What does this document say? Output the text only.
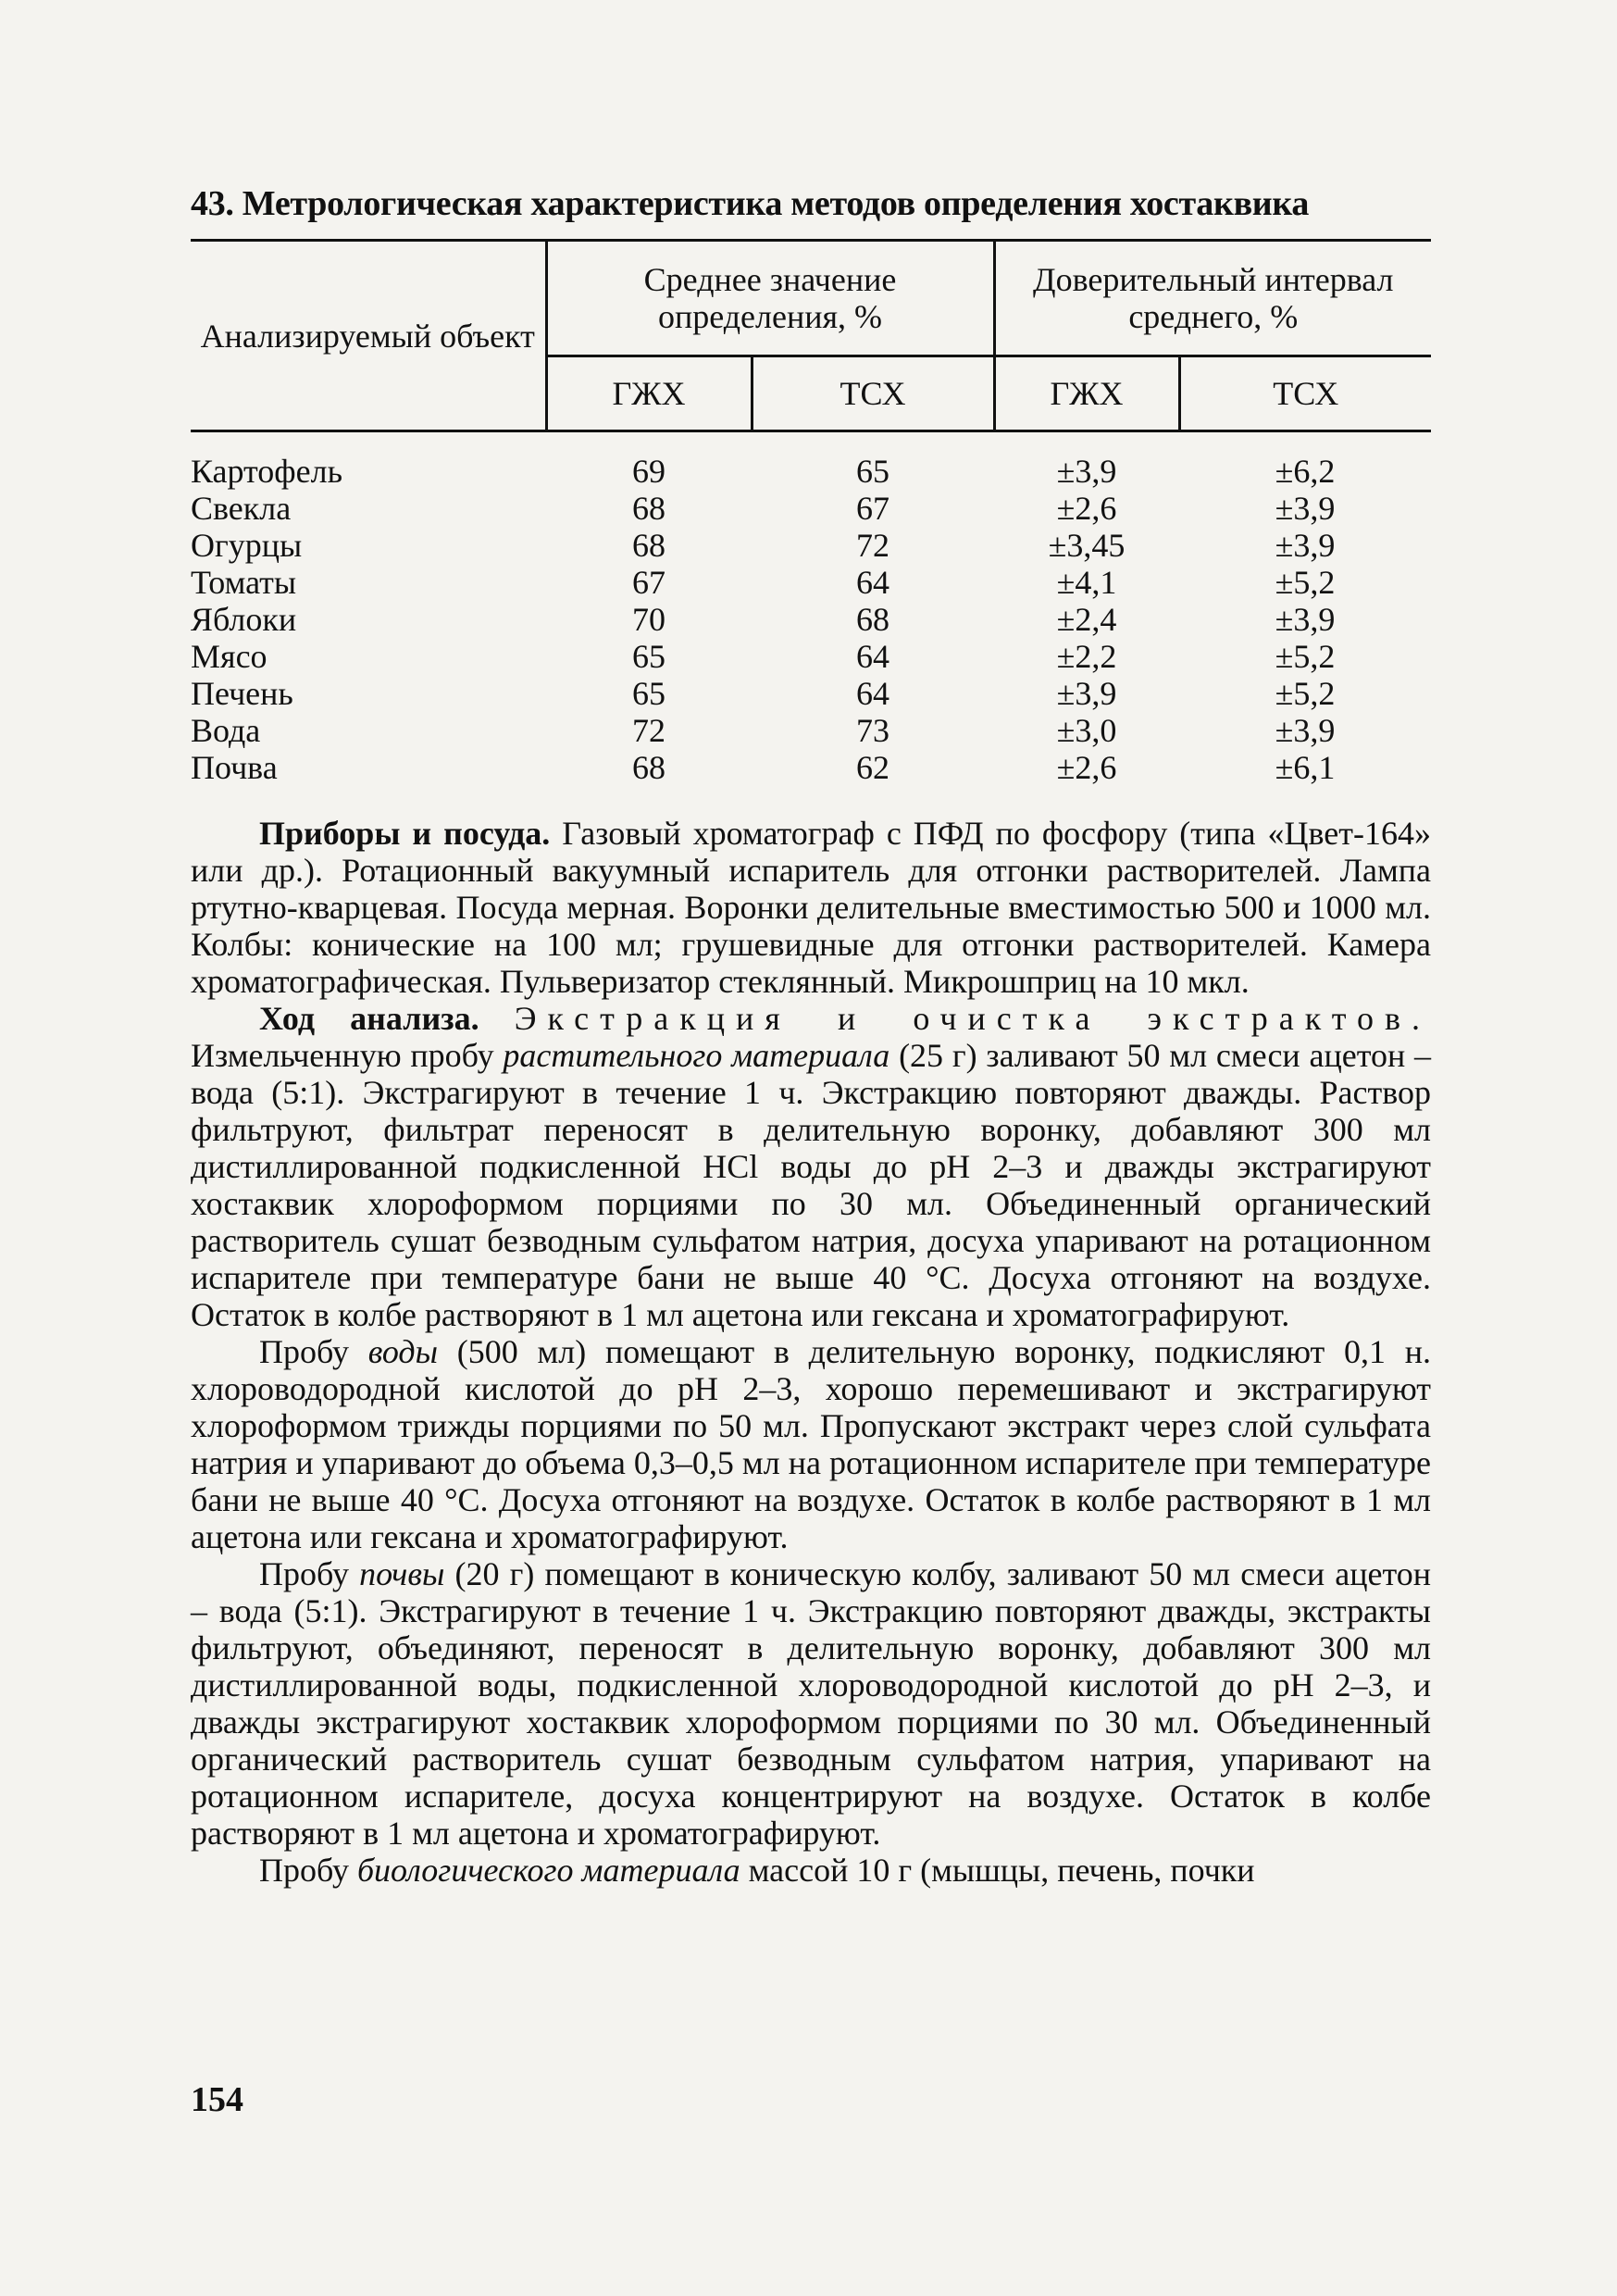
43. Метрологическая характеристика методов определения хостаквика
Анализируемый объект	Среднее значение определения, %		Доверительный интервал среднего, %	
	ГЖХ	ТСХ	ГЖХ	ТСХ
Картофель	69	65	±3,9	±6,2
Свекла	68	67	±2,6	±3,9
Огурцы	68	72	±3,45	±3,9
Томаты	67	64	±4,1	±5,2
Яблоки	70	68	±2,4	±3,9
Мясо	65	64	±2,2	±5,2
Печень	65	64	±3,9	±5,2
Вода	72	73	±3,0	±3,9
Почва	68	62	±2,6	±6,1

Приборы и посуда. Газовый хроматограф с ПФД по фосфору (типа «Цвет-164» или др.). Ротационный вакуумный испаритель для отгонки растворителей. Лампа ртутно-кварцевая. Посуда мерная. Воронки делительные вместимостью 500 и 1000 мл. Колбы: конические на 100 мл; грушевидные для отгонки растворителей. Камера хроматографическая. Пульверизатор стеклянный. Микрошприц на 10 мкл.

Ход анализа. Экстракция и очистка экстрактов. Измельченную пробу растительного материала (25 г) заливают 50 мл смеси ацетон – вода (5:1). Экстрагируют в течение 1 ч. Экстракцию повторяют дважды. Раствор фильтруют, фильтрат переносят в делительную воронку, добавляют 300 мл дистиллированной подкисленной HCl воды до pH 2–3 и дважды экстрагируют хостаквик хлороформом порциями по 30 мл. Объединенный органический растворитель сушат безводным сульфатом натрия, досуха упаривают на ротационном испарителе при температуре бани не выше 40 °С. Досуха отгоняют на воздухе. Остаток в колбе растворяют в 1 мл ацетона или гексана и хроматографируют.

Пробу воды (500 мл) помещают в делительную воронку, подкисляют 0,1 н. хлороводородной кислотой до pH 2–3, хорошо перемешивают и экстрагируют хлороформом трижды порциями по 50 мл. Пропускают экстракт через слой сульфата натрия и упаривают до объема 0,3–0,5 мл на ротационном испарителе при температуре бани не выше 40 °С. Досуха отгоняют на воздухе. Остаток в колбе растворяют в 1 мл ацетона или гексана и хроматографируют.

Пробу почвы (20 г) помещают в коническую колбу, заливают 50 мл смеси ацетон – вода (5:1). Экстрагируют в течение 1 ч. Экстракцию повторяют дважды, экстракты фильтруют, объединяют, переносят в делительную воронку, добавляют 300 мл дистиллированной воды, подкисленной хлороводородной кислотой до pH 2–3, и дважды экстрагируют хостаквик хлороформом порциями по 30 мл. Объединенный органический растворитель сушат безводным сульфатом натрия, упаривают на ротационном испарителе, досуха концентрируют на воздухе. Остаток в колбе растворяют в 1 мл ацетона и хроматографируют.

Пробу биологического материала массой 10 г (мышцы, печень, почки

154
